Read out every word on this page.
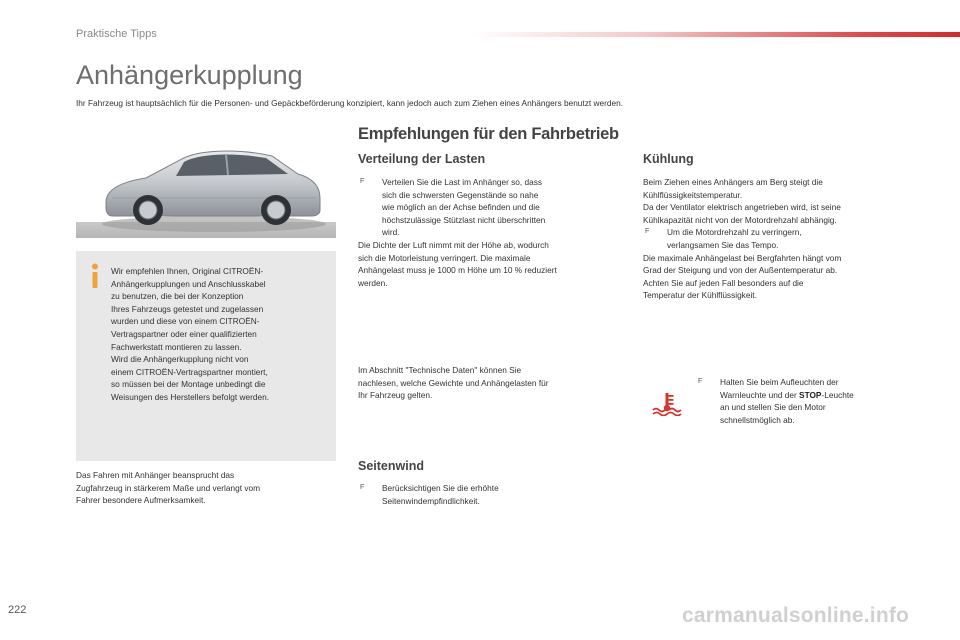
Praktische Tipps
Anhängerkupplung
Ihr Fahrzeug ist hauptsächlich für die Personen- und Gepäckbeförderung konzipiert, kann jedoch auch zum Ziehen eines Anhängers benutzt werden.
Empfehlungen für den Fahrbetrieb

Wir empfehlen Ihnen, Original CITROËN-

Anhängerkupplungen und Anschlusskabel

zu benutzen, die bei der Konzeption

Ihres Fahrzeugs getestet und zugelassen

wurden und diese von einem CITROËN-

Vertragspartner oder einer qualifizierten

Fachwerkstatt montieren zu lassen.

Wird die Anhängerkupplung nicht von

einem CITROËN-Vertragspartner montiert,

so müssen bei der Montage unbedingt die

Weisungen des Herstellers befolgt werden.

Das Fahren mit Anhänger beansprucht das

Zugfahrzeug in stärkerem Maße und verlangt vom

Fahrer besondere Aufmerksamkeit.

Verteilung der Lasten
F Verteilen Sie die Last im Anhänger so, dass

sich die schwersten Gegenstände so nahe

wie möglich an der Achse befinden und die

höchstzulässige Stützlast nicht überschritten

wird.

Die Dichte der Luft nimmt mit der Höhe ab, wodurch

sich die Motorleistung verringert. Die maximale

Anhängelast muss je 1000 m Höhe um 10 % reduziert

werden.

Im Abschnitt "Technische Daten" können Sie

nachlesen, welche Gewichte und Anhängelasten für

Ihr Fahrzeug gelten.

Seitenwind
F Berücksichtigen Sie die erhöhte

Seitenwindempfindlichkeit.

Kühlung

Beim Ziehen eines Anhängers am Berg steigt die

Kühlflüssigkeitstemperatur.

Da der Ventilator elektrisch angetrieben wird, ist seine

Kühlkapazität nicht von der Motordrehzahl abhängig.

F Um die Motordrehzahl zu verringern,

verlangsamen Sie das Tempo.

Die maximale Anhängelast bei Bergfahrten hängt vom

Grad der Steigung und von der Außentemperatur ab.

Achten Sie auf jeden Fall besonders auf die

Temperatur der Kühlflüssigkeit.

F Halten Sie beim Aufleuchten der

Warnleuchte und der STOP-Leuchte

an und stellen Sie den Motor

schnellstmöglich ab.

222	carmanualsonline.info
